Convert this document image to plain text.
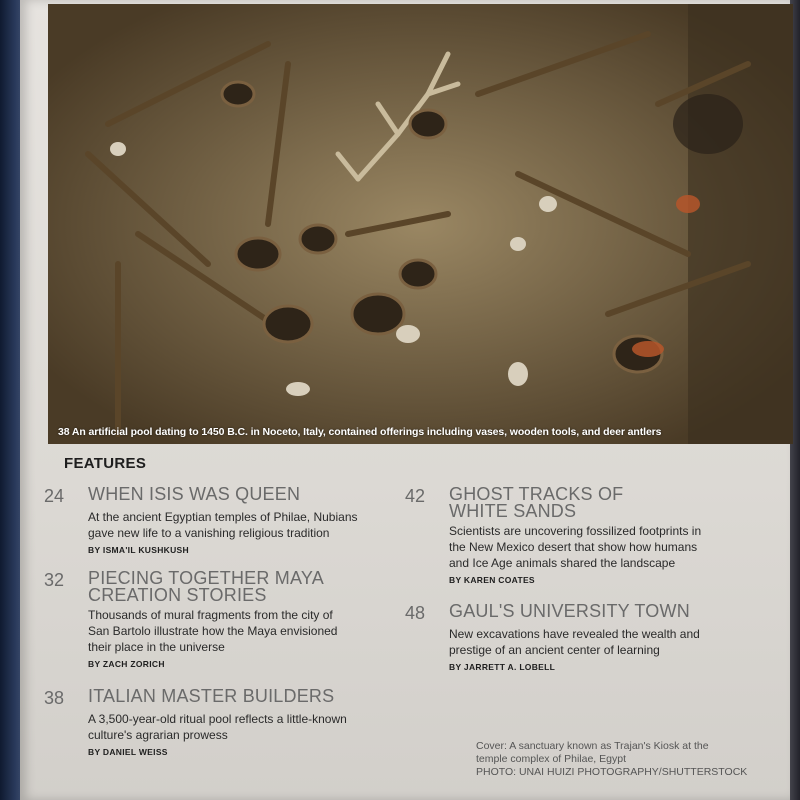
38 An artificial pool dating to 1450 B.C. in Noceto, Italy, contained offerings including vases, wooden tools, and deer antlers
FEATURES
24	WHEN ISIS WAS QUEEN
At the ancient Egyptian temples of Philae, Nubians
gave new life to a vanishing religious tradition
BY ISMA'IL KUSHKUSH
32	PIECING TOGETHER MAYA
CREATION STORIES
Thousands of mural fragments from the city of
San Bartolo illustrate how the Maya envisioned
their place in the universe
BY ZACH ZORICH
38	ITALIAN MASTER BUILDERS
A 3,500-year-old ritual pool reflects a little-known
culture's agrarian prowess
BY DANIEL WEISS
42	GHOST TRACKS OF
WHITE SANDS
Scientists are uncovering fossilized footprints in
the New Mexico desert that show how humans
and Ice Age animals shared the landscape
BY KAREN COATES
48	GAUL'S UNIVERSITY TOWN
New excavations have revealed the wealth and
prestige of an ancient center of learning
BY JARRETT A. LOBELL
Cover: A sanctuary known as Trajan's Kiosk at the
temple complex of Philae, Egypt
PHOTO: UNAI HUIZI PHOTOGRAPHY/SHUTTERSTOCK
